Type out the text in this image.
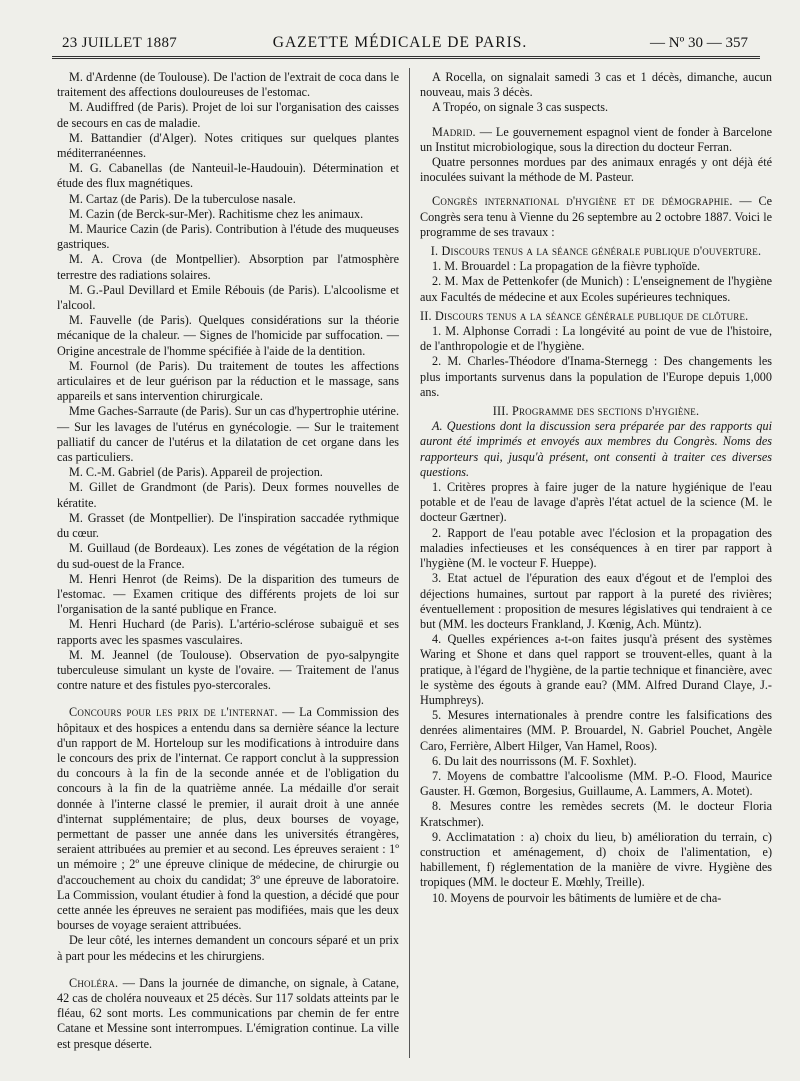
23 JUILLET 1887	GAZETTE MÉDICALE DE PARIS.	— Nº 30 — 357

M. d'Ardenne (de Toulouse). De l'action de l'extrait de coca dans le traitement des affections douloureuses de l'estomac.

M. Audiffred (de Paris). Projet de loi sur l'organisation des caisses de secours en cas de maladie.

M. Battandier (d'Alger). Notes critiques sur quelques plantes méditerranéennes.

M. G. Cabanellas (de Nanteuil-le-Haudouin). Détermination et étude des flux magnétiques.

M. Cartaz (de Paris). De la tuberculose nasale.

M. Cazin (de Berck-sur-Mer). Rachitisme chez les animaux.

M. Maurice Cazin (de Paris). Contribution à l'étude des muqueuses gastriques.

M. A. Crova (de Montpellier). Absorption par l'atmosphère terrestre des radiations solaires.

M. G.-Paul Devillard et Emile Rébouis (de Paris). L'alcoolisme et l'alcool.

M. Fauvelle (de Paris). Quelques considérations sur la théorie mécanique de la chaleur. — Signes de l'homicide par suffocation. — Origine ancestrale de l'homme spécifiée à l'aide de la dentition.

M. Fournol (de Paris). Du traitement de toutes les affections articulaires et de leur guérison par la réduction et le massage, sans appareils et sans intervention chirurgicale.

Mme Gaches-Sarraute (de Paris). Sur un cas d'hypertrophie utérine. — Sur les lavages de l'utérus en gynécologie. — Sur le traitement palliatif du cancer de l'utérus et la dilatation de cet organe dans les cas particuliers.

M. C.-M. Gabriel (de Paris). Appareil de projection.

M. Gillet de Grandmont (de Paris). Deux formes nouvelles de kératite.

M. Grasset (de Montpellier). De l'inspiration saccadée rythmique du cœur.

M. Guillaud (de Bordeaux). Les zones de végétation de la région du sud-ouest de la France.

M. Henri Henrot (de Reims). De la disparition des tumeurs de l'estomac. — Examen critique des différents projets de loi sur l'organisation de la santé publique en France.

M. Henri Huchard (de Paris). L'artério-sclérose subaiguë et ses rapports avec les spasmes vasculaires.

M. M. Jeannel (de Toulouse). Observation de pyo-salpyngite tuberculeuse simulant un kyste de l'ovaire. — Traitement de l'anus contre nature et des fistules pyo-stercorales.

Concours pour les prix de l'internat. — La Commission des hôpitaux et des hospices a entendu dans sa dernière séance la lecture d'un rapport de M. Horteloup sur les modifications à introduire dans le concours des prix de l'internat. Ce rapport conclut à la suppression du concours à la fin de la seconde année et de l'obligation du concours à la fin de la quatrième année. La médaille d'or serait donnée à l'interne classé le premier, il aurait droit à une année d'internat supplémentaire; de plus, deux bourses de voyage, permettant de passer une année dans les universités étrangères, seraient attribuées au premier et au second. Les épreuves seraient : 1º un mémoire ; 2º une épreuve clinique de médecine, de chirurgie ou d'accouchement au choix du candidat; 3º une épreuve de laboratoire. La Commission, voulant étudier à fond la question, a décidé que pour cette année les épreuves ne seraient pas modifiées, mais que les deux bourses de voyage seraient attribuées.

De leur côté, les internes demandent un concours séparé et un prix à part pour les médecins et les chirurgiens.

Choléra. — Dans la journée de dimanche, on signale, à Catane, 42 cas de choléra nouveaux et 25 décès. Sur 117 soldats atteints par le fléau, 62 sont morts. Les communications par chemin de fer entre Catane et Messine sont interrompues. L'émigration continue. La ville est presque déserte.

A Rocella, on signalait samedi 3 cas et 1 décès, dimanche, aucun nouveau, mais 3 décès.

A Tropéo, on signale 3 cas suspects.

Madrid. — Le gouvernement espagnol vient de fonder à Barcelone un Institut microbiologique, sous la direction du docteur Ferran.

Quatre personnes mordues par des animaux enragés y ont déjà été inoculées suivant la méthode de M. Pasteur.

Congrès international d'hygiène et de démographie. — Ce Congrès sera tenu à Vienne du 26 septembre au 2 octobre 1887. Voici le programme de ses travaux :

I. Discours tenus a la séance générale publique d'ouverture.

1. M. Brouardel : La propagation de la fièvre typhoïde.

2. M. Max de Pettenkofer (de Munich) : L'enseignement de l'hygiène aux Facultés de médecine et aux Ecoles supérieures techniques.

II. Discours tenus a la séance générale publique de clôture.

1. M. Alphonse Corradi : La longévité au point de vue de l'histoire, de l'anthropologie et de l'hygiène.

2. M. Charles-Théodore d'Inama-Sternegg : Des changements les plus importants survenus dans la population de l'Europe depuis 1,000 ans.

III. Programme des sections d'hygiène.

A. Questions dont la discussion sera préparée par des rapports qui auront été imprimés et envoyés aux membres du Congrès. Noms des rapporteurs qui, jusqu'à présent, ont consenti à traiter ces diverses questions.

1. Critères propres à faire juger de la nature hygiénique de l'eau potable et de l'eau de lavage d'après l'état actuel de la science (M. le docteur Gærtner).

2. Rapport de l'eau potable avec l'éclosion et la propagation des maladies infectieuses et les conséquences à en tirer par rapport à l'hygiène (M. le vocteur F. Hueppe).

3. Etat actuel de l'épuration des eaux d'égout et de l'emploi des déjections humaines, surtout par rapport à la pureté des rivières; éventuellement : proposition de mesures législatives qui tendraient à ce but (MM. les docteurs Frankland, J. Kœnig, Ach. Müntz).

4. Quelles expériences a-t-on faites jusqu'à présent des systèmes Waring et Shone et dans quel rapport se trouvent-elles, quant à la pratique, à l'égard de l'hygiène, de la partie technique et financière, avec le système des égouts à grande eau? (MM. Alfred Durand Claye, J.-Humphreys).

5. Mesures internationales à prendre contre les falsifications des denrées alimentaires (MM. P. Brouardel, N. Gabriel Pouchet, Angèle Caro, Ferrière, Albert Hilger, Van Hamel, Roos).

6. Du lait des nourrissons (M. F. Soxhlet).

7. Moyens de combattre l'alcoolisme (MM. P.-O. Flood, Maurice Gauster. H. Gœmon, Borgesius, Guillaume, A. Lammers, A. Motet).

8. Mesures contre les remèdes secrets (M. le docteur Floria Kratschmer).

9. Acclimatation : a) choix du lieu, b) amélioration du terrain, c) construction et aménagement, d) choix de l'alimentation, e) habillement, f) réglementation de la manière de vivre. Hygiène des tropiques (MM. le docteur E. Mœhly, Treille).

10. Moyens de pourvoir les bâtiments de lumière et de cha-
